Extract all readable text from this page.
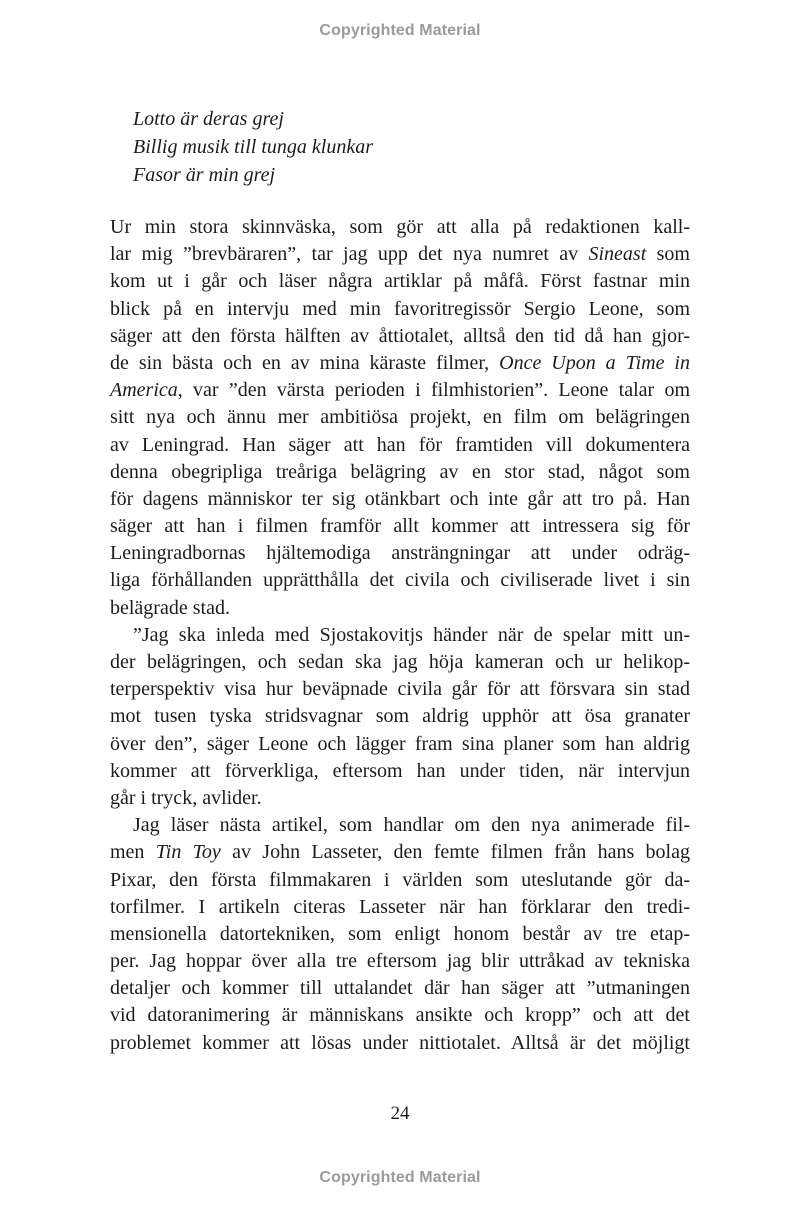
Copyrighted Material
Lotto är deras grej
Billig musik till tunga klunkar
Fasor är min grej
Ur min stora skinnväska, som gör att alla på redaktionen kall-
lar mig ”brevbäraren”, tar jag upp det nya numret av Sineast som
kom ut i går och läser några artiklar på måfå. Först fastnar min
blick på en intervju med min favoritregissör Sergio Leone, som
säger att den första hälften av åttiotalet, alltså den tid då han gjor-
de sin bästa och en av mina käraste filmer, Once Upon a Time in
America, var ”den värsta perioden i filmhistorien”. Leone talar om
sitt nya och ännu mer ambitiösa projekt, en film om belägringen
av Leningrad. Han säger att han för framtiden vill dokumentera
denna obegripliga treåriga belägring av en stor stad, något som
för dagens människor ter sig otänkbart och inte går att tro på. Han
säger att han i filmen framför allt kommer att intressera sig för
Leningradbornas hjältemodiga ansträngningar att under odräg-
liga förhållanden upprätthålla det civila och civiliserade livet i sin
belägrade stad.
”Jag ska inleda med Sjostakovitjs händer när de spelar mitt un-
der belägringen, och sedan ska jag höja kameran och ur helikop-
terperspektiv visa hur beväpnade civila går för att försvara sin stad
mot tusen tyska stridsvagnar som aldrig upphör att ösa granater
över den”, säger Leone och lägger fram sina planer som han aldrig
kommer att förverkliga, eftersom han under tiden, när intervjun
går i tryck, avlider.
Jag läser nästa artikel, som handlar om den nya animerade fil-
men Tin Toy av John Lasseter, den femte filmen från hans bolag
Pixar, den första filmmakaren i världen som uteslutande gör da-
torfilmer. I artikeln citeras Lasseter när han förklarar den tredi-
mensionella datortekniken, som enligt honom består av tre etap-
per. Jag hoppar över alla tre eftersom jag blir uttråkad av tekniska
detaljer och kommer till uttalandet där han säger att ”utmaningen
vid datoranimering är människans ansikte och kropp” och att det
problemet kommer att lösas under nittiotalet. Alltså är det möjligt
24
Copyrighted Material
